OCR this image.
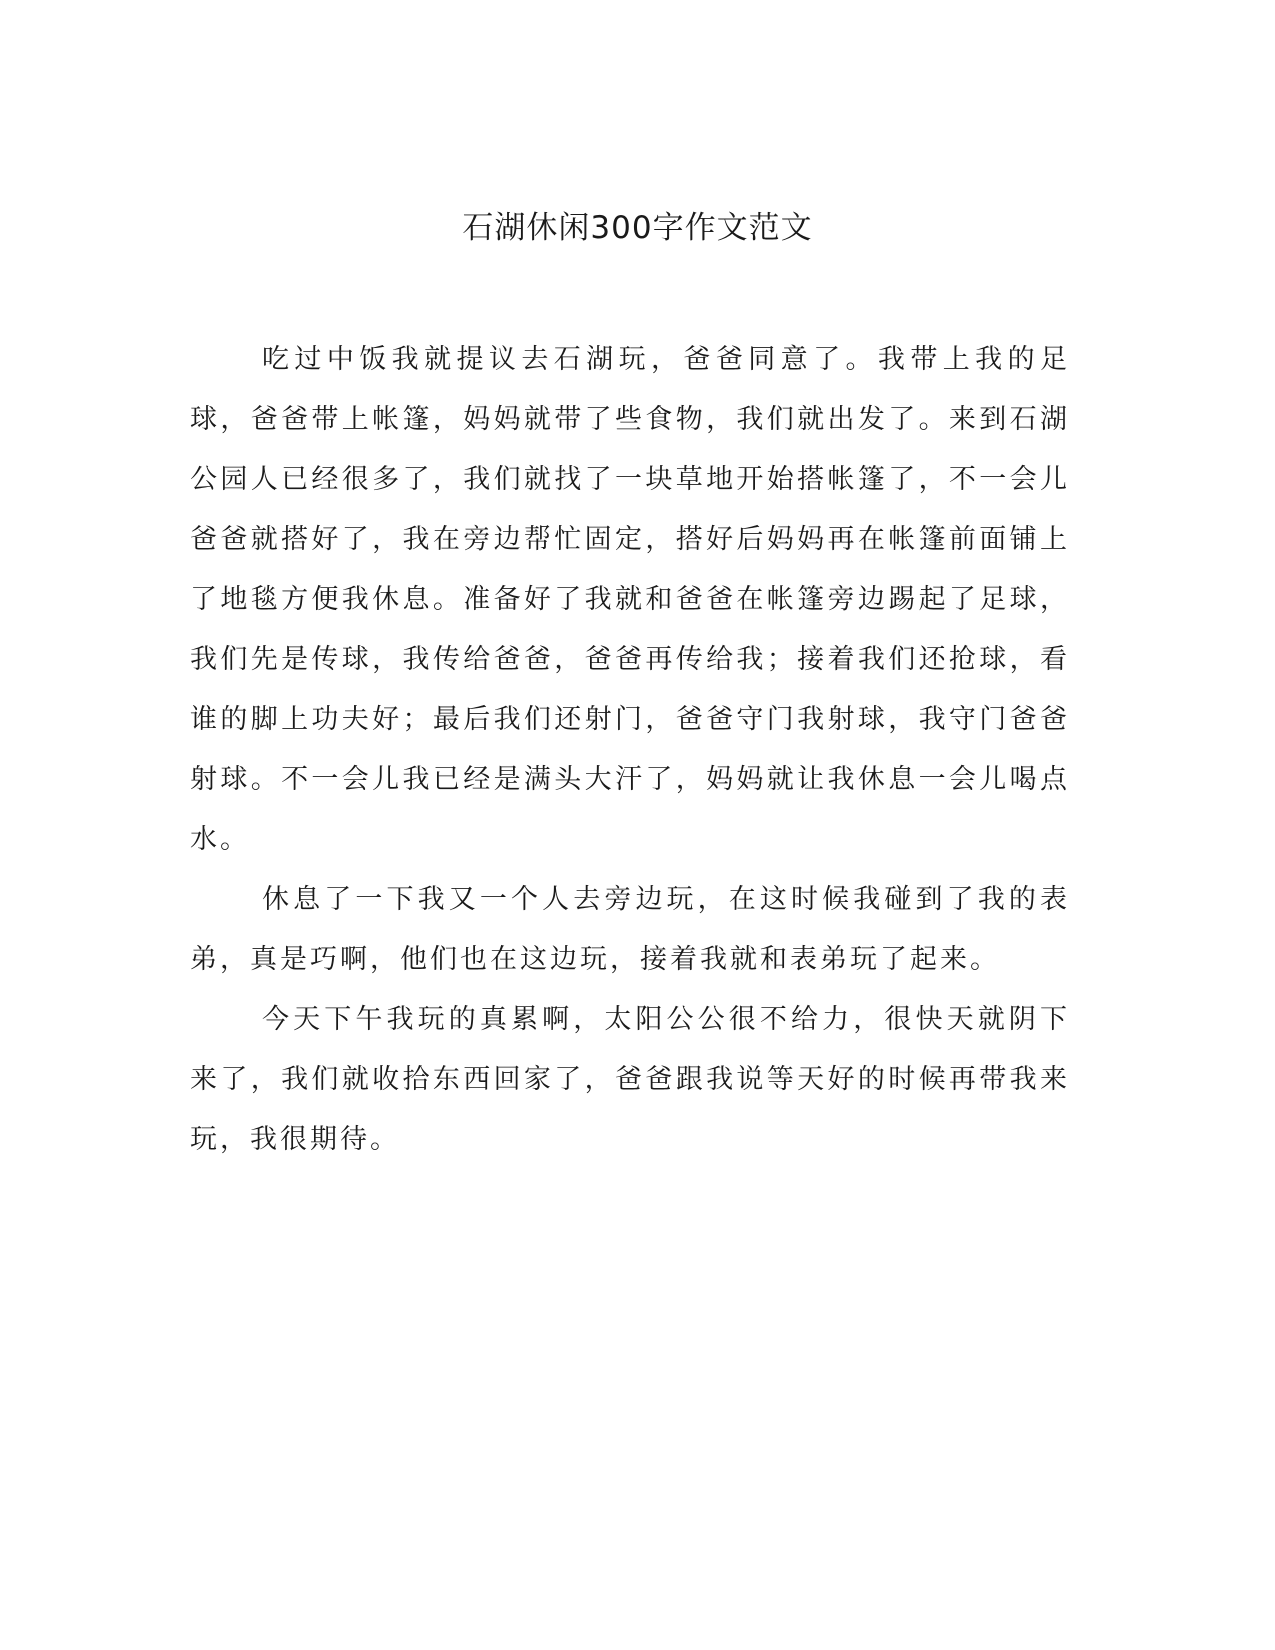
石湖休闲300字作文范文

吃过中饭我就提议去石湖玩，爸爸同意了。我带上我的足球，爸爸带上帐篷，妈妈就带了些食物，我们就出发了。来到石湖公园人已经很多了，我们就找了一块草地开始搭帐篷了，不一会儿爸爸就搭好了，我在旁边帮忙固定，搭好后妈妈再在帐篷前面铺上了地毯方便我休息。准备好了我就和爸爸在帐篷旁边踢起了足球，我们先是传球，我传给爸爸，爸爸再传给我；接着我们还抢球，看谁的脚上功夫好；最后我们还射门，爸爸守门我射球，我守门爸爸射球。不一会儿我已经是满头大汗了，妈妈就让我休息一会儿喝点水。

休息了一下我又一个人去旁边玩，在这时候我碰到了我的表弟，真是巧啊，他们也在这边玩，接着我就和表弟玩了起来。

今天下午我玩的真累啊，太阳公公很不给力，很快天就阴下来了，我们就收拾东西回家了，爸爸跟我说等天好的时候再带我来玩，我很期待。
